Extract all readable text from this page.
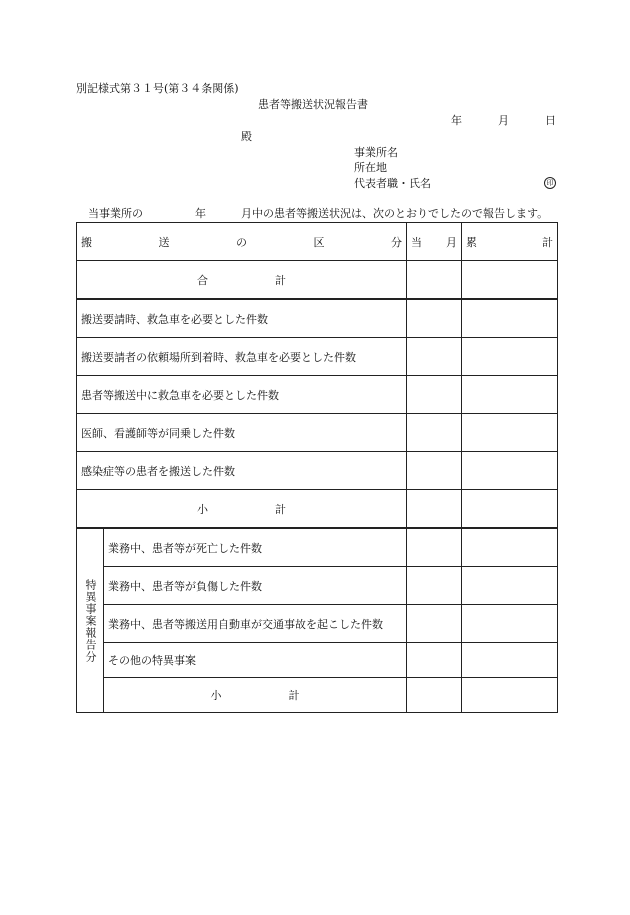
別記様式第３１号(第３４条関係)
患者等搬送状況報告書
年	月	日
殿
事業所名
所在地
代表者職・氏名	印
当事業所の	年	月中の患者等搬送状況は、次のとおりでしたので報告します。
搬 送 の 区 分		当 月	累 計

合 計			

搬送要請時、救急車を必要とした件数			
搬送要請者の依頼場所到着時、救急車を必要とした件数			
患者等搬送中に救急車を必要とした件数			
医師、看護師等が同乗した件数			
感染症等の患者を搬送した件数			

小 計			

特異事案報告分	業務中、患者等が死亡した件数		
	業務中、患者等が負傷した件数		
	業務中、患者等搬送用自動車が交通事故を起こした件数		
	その他の特異事案		

	小 計		
